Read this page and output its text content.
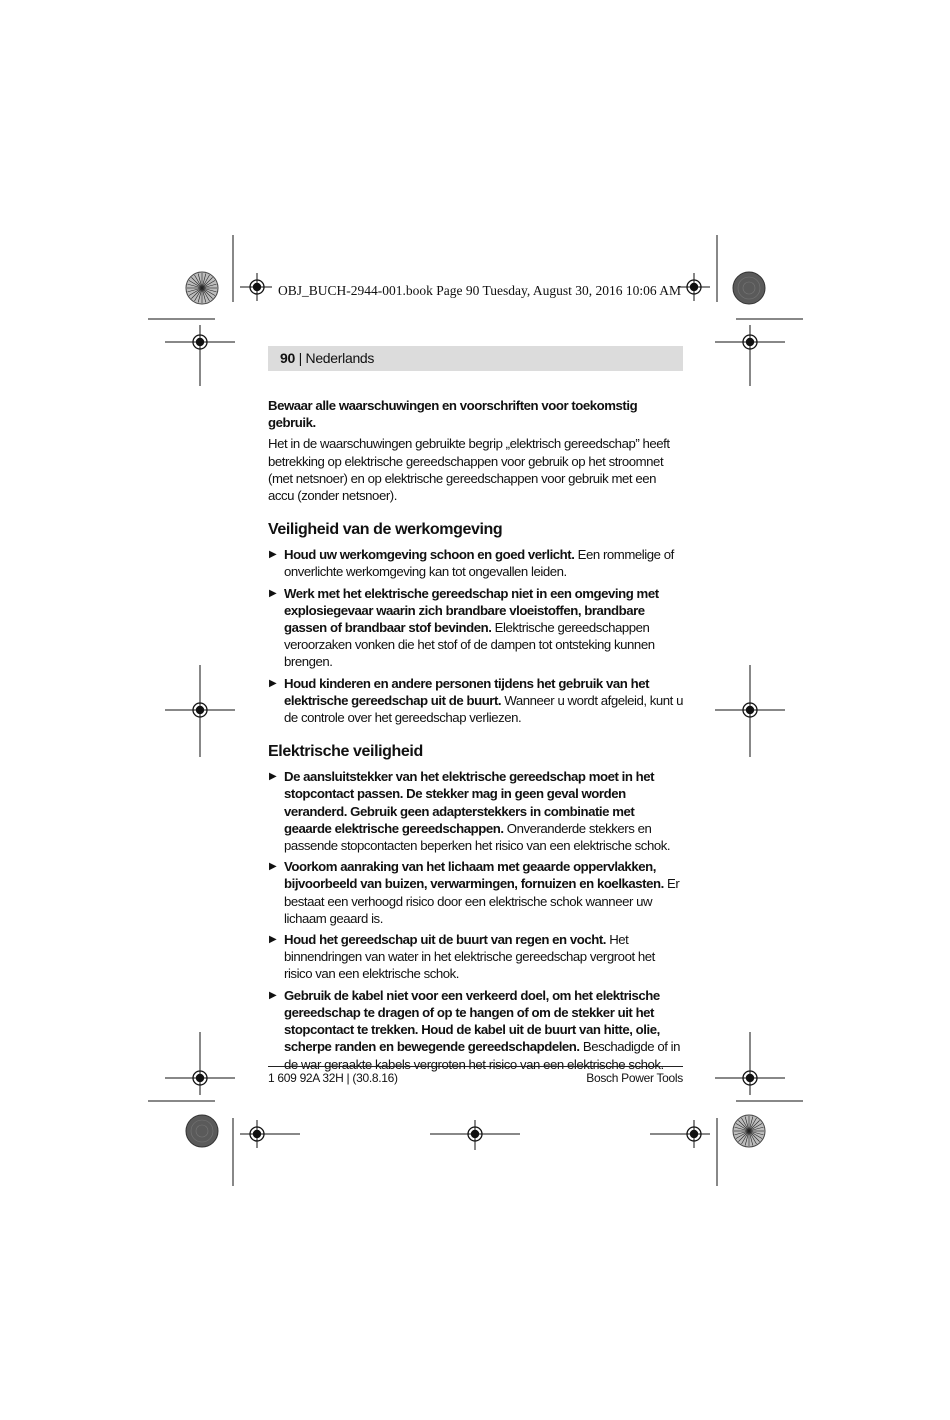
OBJ_BUCH-2944-001.book Page 90 Tuesday, August 30, 2016 10:06 AM
90 | Nederlands

Bewaar alle waarschuwingen en voorschriften voor toekomstig gebruik.

Het in de waarschuwingen gebruikte begrip „elektrisch gereedschap” heeft betrekking op elektrische gereedschappen voor gebruik op het stroomnet (met netsnoer) en op elektrische gereedschappen voor gebruik met een accu (zonder netsnoer).

Veiligheid van de werkomgeving
▶ Houd uw werkomgeving schoon en goed verlicht. Een rommelige of onverlichte werkomgeving kan tot ongevallen leiden.
▶ Werk met het elektrische gereedschap niet in een omgeving met explosiegevaar waarin zich brandbare vloeistoffen, brandbare gassen of brandbaar stof bevinden. Elektrische gereedschappen veroorzaken vonken die het stof of de dampen tot ontsteking kunnen brengen.
▶ Houd kinderen en andere personen tijdens het gebruik van het elektrische gereedschap uit de buurt. Wanneer u wordt afgeleid, kunt u de controle over het gereedschap verliezen.
Elektrische veiligheid
▶ De aansluitstekker van het elektrische gereedschap moet in het stopcontact passen. De stekker mag in geen geval worden veranderd. Gebruik geen adapterstekkers in combinatie met geaarde elektrische gereedschappen. Onveranderde stekkers en passende stopcontacten beperken het risico van een elektrische schok.
▶ Voorkom aanraking van het lichaam met geaarde oppervlakken, bijvoorbeeld van buizen, verwarmingen, fornuizen en koelkasten. Er bestaat een verhoogd risico door een elektrische schok wanneer uw lichaam geaard is.
▶ Houd het gereedschap uit de buurt van regen en vocht. Het binnendringen van water in het elektrische gereedschap vergroot het risico van een elektrische schok.
▶ Gebruik de kabel niet voor een verkeerd doel, om het elektrische gereedschap te dragen of op te hangen of om de stekker uit het stopcontact te trekken. Houd de kabel uit de buurt van hitte, olie, scherpe randen en bewegende gereedschapdelen. Beschadigde of in de war geraakte kabels vergroten het risico van een elektrische schok.
1 609 92A 32H | (30.8.16)	Bosch Power Tools
